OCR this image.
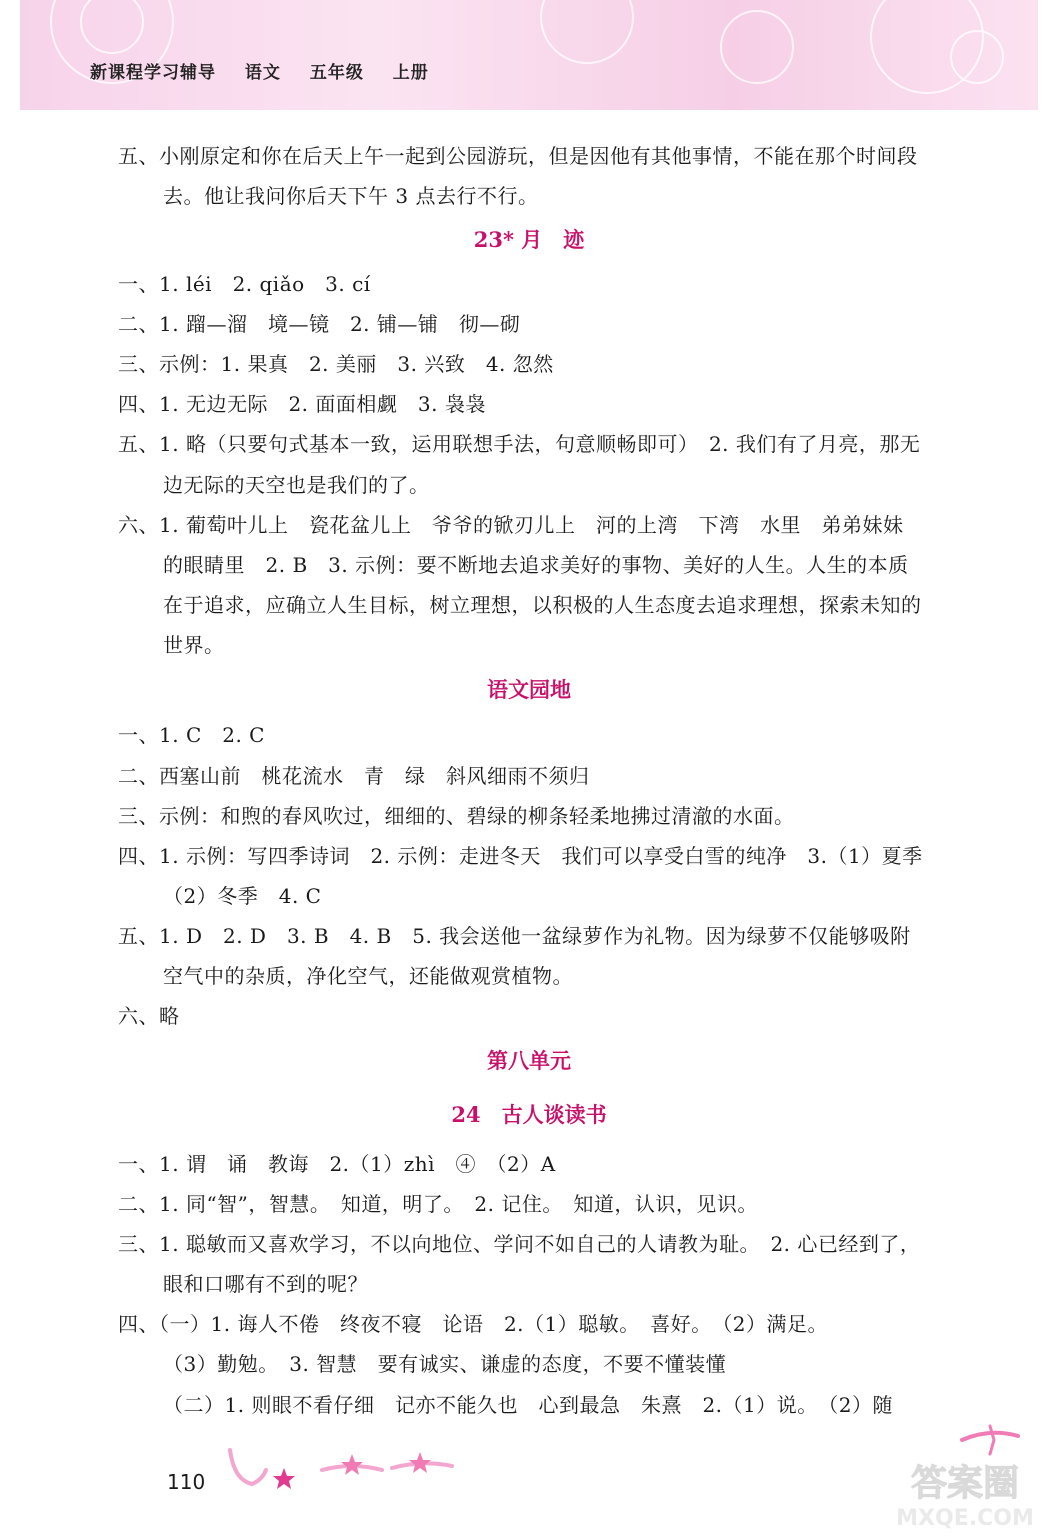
新课程学习辅导 语文 五年级 上册
五、小刚原定和你在后天上午一起到公园游玩，但是因他有其他事情，不能在那个时间段
去。他让我问你后天下午 3 点去行不行。
23* 月　迹
一、1. léi　2. qiǎo　3. cí
二、1. 蹓—溜　境—镜　2. 铺—铺　彻—砌
三、示例：1. 果真　2. 美丽　3. 兴致　4. 忽然
四、1. 无边无际　2. 面面相觑　3. 袅袅
五、1. 略（只要句式基本一致，运用联想手法，句意顺畅即可）　2. 我们有了月亮，那无
边无际的天空也是我们的了。
六、1. 葡萄叶儿上　瓷花盆儿上　爷爷的锨刃儿上　河的上湾　下湾　水里　弟弟妹妹
的眼睛里　2. B　3. 示例：要不断地去追求美好的事物、美好的人生。人生的本质
在于追求，应确立人生目标，树立理想，以积极的人生态度去追求理想，探索未知的
世界。
语文园地
一、1. C　2. C
二、西塞山前　桃花流水　青　绿　斜风细雨不须归
三、示例：和煦的春风吹过，细细的、碧绿的柳条轻柔地拂过清澈的水面。
四、1. 示例：写四季诗词　2. 示例：走进冬天　我们可以享受白雪的纯净　3.（1）夏季
（2）冬季　4. C
五、1. D　2. D　3. B　4. B　5. 我会送他一盆绿萝作为礼物。因为绿萝不仅能够吸附
空气中的杂质，净化空气，还能做观赏植物。
六、略
第八单元
24　古人谈读书
一、1. 谓　诵　教诲　2.（1）zhì　④　（2）A
二、1. 同“智”，智慧。　知道，明了。　2. 记住。　知道，认识，见识。
三、1. 聪敏而又喜欢学习，不以向地位、学问不如自己的人请教为耻。　2. 心已经到了，
眼和口哪有不到的呢？
四、（一）1. 诲人不倦　终夜不寝　论语　2.（1）聪敏。　喜好。　（2）满足。
（3）勤勉。　3. 智慧　要有诚实、谦虚的态度，不要不懂装懂
（二）1. 则眼不看仔细　记亦不能久也　心到最急　朱熹　2.（1）说。　（2）随
110	答案圈
MXQE.COM
